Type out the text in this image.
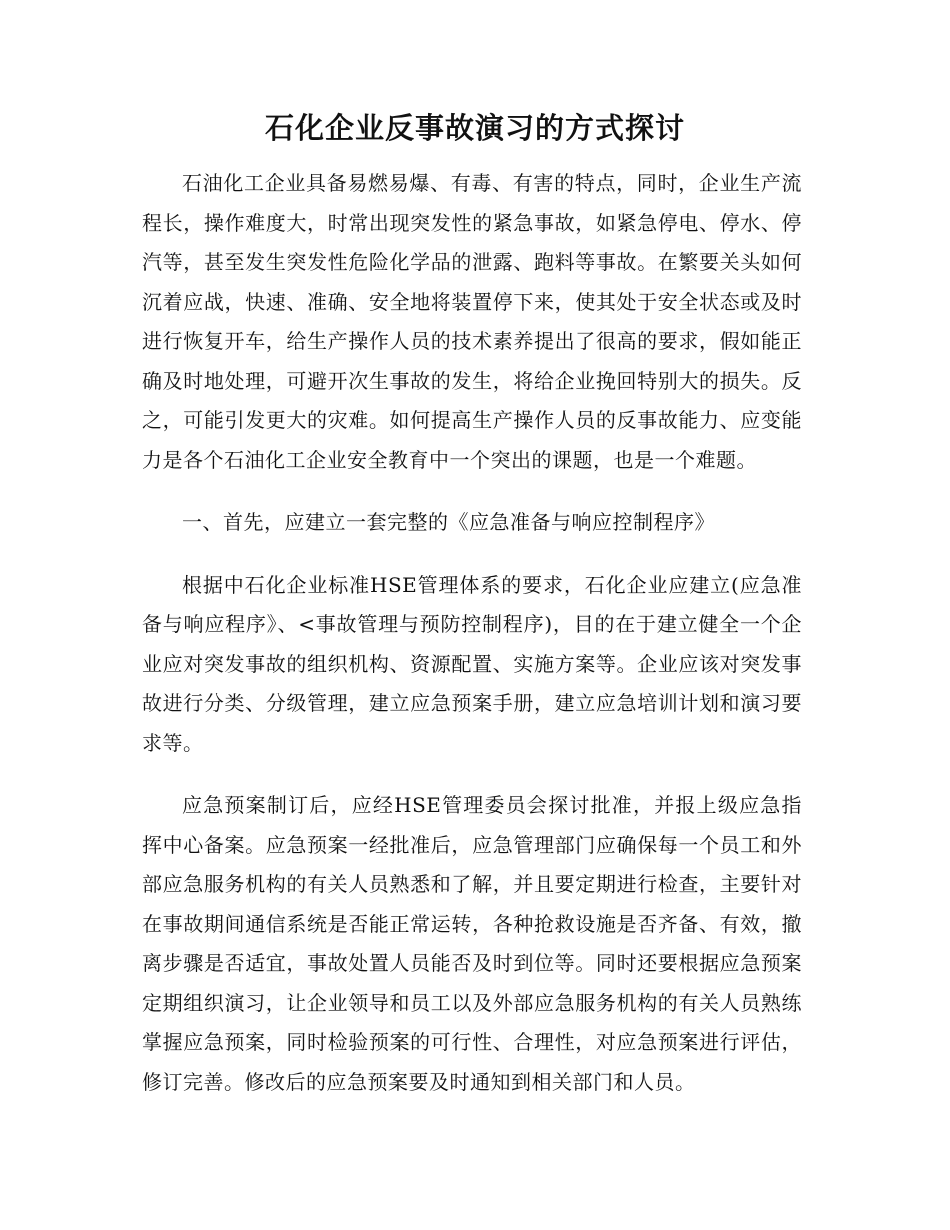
石化企业反事故演习的方式探讨

石油化工企业具备易燃易爆、有毒、有害的特点，同时，企业生产流程长，操作难度大，时常出现突发性的紧急事故，如紧急停电、停水、停汽等，甚至发生突发性危险化学品的泄露、跑料等事故。在繁要关头如何沉着应战，快速、准确、安全地将装置停下来，使其处于安全状态或及时进行恢复开车，给生产操作人员的技术素养提出了很高的要求，假如能正确及时地处理，可避开次生事故的发生，将给企业挽回特别大的损失。反之，可能引发更大的灾难。如何提高生产操作人员的反事故能力、应变能力是各个石油化工企业安全教育中一个突出的课题，也是一个难题。

一、首先，应建立一套完整的《应急准备与响应控制程序》

根据中石化企业标准HSE管理体系的要求，石化企业应建立(应急准备与响应程序》、<事故管理与预防控制程序)，目的在于建立健全一个企业应对突发事故的组织机构、资源配置、实施方案等。企业应该对突发事故进行分类、分级管理，建立应急预案手册，建立应急培训计划和演习要求等。

应急预案制订后，应经HSE管理委员会探讨批准，并报上级应急指挥中心备案。应急预案一经批准后，应急管理部门应确保每一个员工和外部应急服务机构的有关人员熟悉和了解，并且要定期进行检查，主要针对在事故期间通信系统是否能正常运转，各种抢救设施是否齐备、有效，撤离步骤是否适宜，事故处置人员能否及时到位等。同时还要根据应急预案定期组织演习，让企业领导和员工以及外部应急服务机构的有关人员熟练掌握应急预案，同时检验预案的可行性、合理性，对应急预案进行评估，修订完善。修改后的应急预案要及时通知到相关部门和人员。
